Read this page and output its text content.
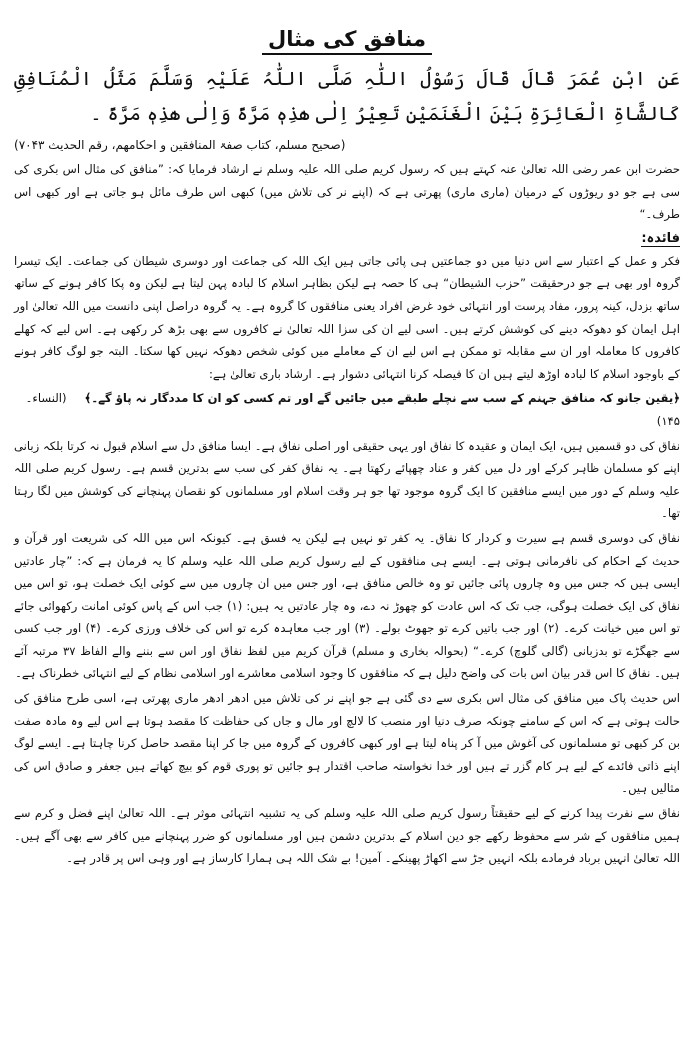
منافق کی مثال

عَنِ ابْنِ عُمَرَ قَالَ قَالَ رَسُوْلُ اللّٰہِ صَلَّی اللّٰہُ عَلَیْہِ وَسَلَّمَ مَثَلُ الْمُنَافِقِ کَالشَّاۃِ الْعَائِرَۃِ بَیْنَ الْغَنَمَیْنِ تَعِیْرُ اِلٰی ھٰذِہٖ مَرَّۃً وَاِلٰی ھٰذِہٖ مَرَّۃً ۔

(صحیح مسلم، کتاب صفۃ المنافقین و احکامھم، رقم الحدیث ۷۰۴۳)

حضرت ابن عمر رضی اللہ تعالیٰ عنہ کہتے ہیں کہ رسول کریم صلی اللہ علیہ وسلم نے ارشاد فرمایا کہ: ”منافق کی مثال اس بکری کی سی ہے جو دو ریوڑوں کے درمیان (ماری ماری) پھرتی ہے کہ (اپنے نر کی تلاش میں) کبھی اس طرف مائل ہو جاتی ہے اور کبھی اس طرف۔“

فائدہ:

فکر و عمل کے اعتبار سے اس دنیا میں دو جماعتیں ہی پائی جاتی ہیں ایک اللہ کی جماعت اور دوسری شیطان کی جماعت۔ ایک تیسرا گروہ اور بھی ہے جو درحقیقت ”حزب الشیطان“ ہی کا حصہ ہے لیکن بظاہر اسلام کا لبادہ پہن لیتا ہے لیکن وہ پکا کافر ہونے کے ساتھ ساتھ بزدل، کینہ پرور، مفاد پرست اور انتہائی خود غرض افراد یعنی منافقوں کا گروہ ہے۔ یہ گروہ دراصل اپنی دانست میں اللہ تعالیٰ اور اہل ایمان کو دھوکہ دینے کی کوشش کرتے ہیں۔ اسی لیے ان کی سزا اللہ تعالیٰ نے کافروں سے بھی بڑھ کر رکھی ہے۔ اس لیے کہ کھلے کافروں کا معاملہ اور ان سے مقابلہ تو ممکن ہے اس لیے ان کے معاملے میں کوئی شخص دھوکہ نہیں کھا سکتا۔ البتہ جو لوگ کافر ہونے کے باوجود اسلام کا لبادہ اوڑھ لیتے ہیں ان کا فیصلہ کرنا انتہائی دشوار ہے۔ ارشاد باری تعالیٰ ہے:

﴿یقین جانو کہ منافق جہنم کے سب سے نچلے طبقے میں جائیں گے اور تم کسی کو ان کا مددگار نہ پاؤ گے۔﴾(النساء۔ ۱۴۵)

نفاق کی دو قسمیں ہیں، ایک ایمان و عقیدہ کا نفاق اور یہی حقیقی اور اصلی نفاق ہے۔ ایسا منافق دل سے اسلام قبول نہ کرتا بلکہ زبانی اپنے کو مسلمان ظاہر کرکے اور دل میں کفر و عناد چھپائے رکھتا ہے۔ یہ نفاق کفر کی سب سے بدترین قسم ہے۔ رسول کریم صلی اللہ علیہ وسلم کے دور میں ایسے منافقین کا ایک گروہ موجود تھا جو ہر وقت اسلام اور مسلمانوں کو نقصان پہنچانے کی کوشش میں لگا رہتا تھا۔

نفاق کی دوسری قسم ہے سیرت و کردار کا نفاق۔ یہ کفر تو نہیں ہے لیکن یہ فسق ہے۔ کیونکہ اس میں اللہ کی شریعت اور قرآن و حدیث کے احکام کی نافرمانی ہوتی ہے۔ ایسے ہی منافقوں کے لیے رسول کریم صلی اللہ علیہ وسلم کا یہ فرمان ہے کہ: ”چار عادتیں ایسی ہیں کہ جس میں وہ چاروں پائی جائیں تو وہ خالص منافق ہے، اور جس میں ان چاروں میں سے کوئی ایک خصلت ہو، تو اس میں نفاق کی ایک خصلت ہوگی، جب تک کہ اس عادت کو چھوڑ نہ دے، وہ چار عادتیں یہ ہیں: (۱) جب اس کے پاس کوئی امانت رکھوائی جائے تو اس میں خیانت کرے۔ (۲) اور جب باتیں کرے تو جھوٹ بولے۔ (۳) اور جب معاہدہ کرے تو اس کی خلاف ورزی کرے۔ (۴) اور جب کسی سے جھگڑے تو بدزبانی (گالی گلوچ) کرے۔“ (بحوالہ بخاری و مسلم) قرآن کریم میں لفظ نفاق اور اس سے بننے والے الفاظ ۳۷ مرتبہ آئے ہیں۔ نفاق کا اس قدر بیان اس بات کی واضح دلیل ہے کہ منافقوں کا وجود اسلامی معاشرے اور اسلامی نظام کے لیے انتہائی خطرناک ہے۔

اس حدیث پاک میں منافق کی مثال اس بکری سے دی گئی ہے جو اپنے نر کی تلاش میں ادھر ادھر ماری پھرتی ہے، اسی طرح منافق کی حالت ہوتی ہے کہ اس کے سامنے چونکہ صرف دنیا اور منصب کا لالچ اور مال و جاں کی حفاظت کا مقصد ہوتا ہے اس لیے وہ مادہ صفت بن کر کبھی تو مسلمانوں کی آغوش میں آ کر پناہ لیتا ہے اور کبھی کافروں کے گروہ میں جا کر اپنا مقصد حاصل کرنا چاہتا ہے۔ ایسے لوگ اپنے ذاتی فائدے کے لیے ہر کام گزر تے ہیں اور خدا نخواستہ صاحب اقتدار ہو جائیں تو پوری قوم کو بیچ کھاتے ہیں جعفر و صادق اس کی مثالیں ہیں۔

نفاق سے نفرت پیدا کرنے کے لیے حقیقتاً رسول کریم صلی اللہ علیہ وسلم کی یہ تشبیہ انتہائی موثر ہے۔ اللہ تعالیٰ اپنے فضل و کرم سے ہمیں منافقوں کے شر سے محفوظ رکھے جو دین اسلام کے بدترین دشمن ہیں اور مسلمانوں کو ضرر پہنچانے میں کافر سے بھی آگے ہیں۔ اللہ تعالیٰ انہیں برباد فرمادے بلکہ انہیں جڑ سے اکھاڑ پھینکے۔ آمین! بے شک اللہ ہی ہمارا کارساز ہے اور وہی اس پر قادر ہے۔
